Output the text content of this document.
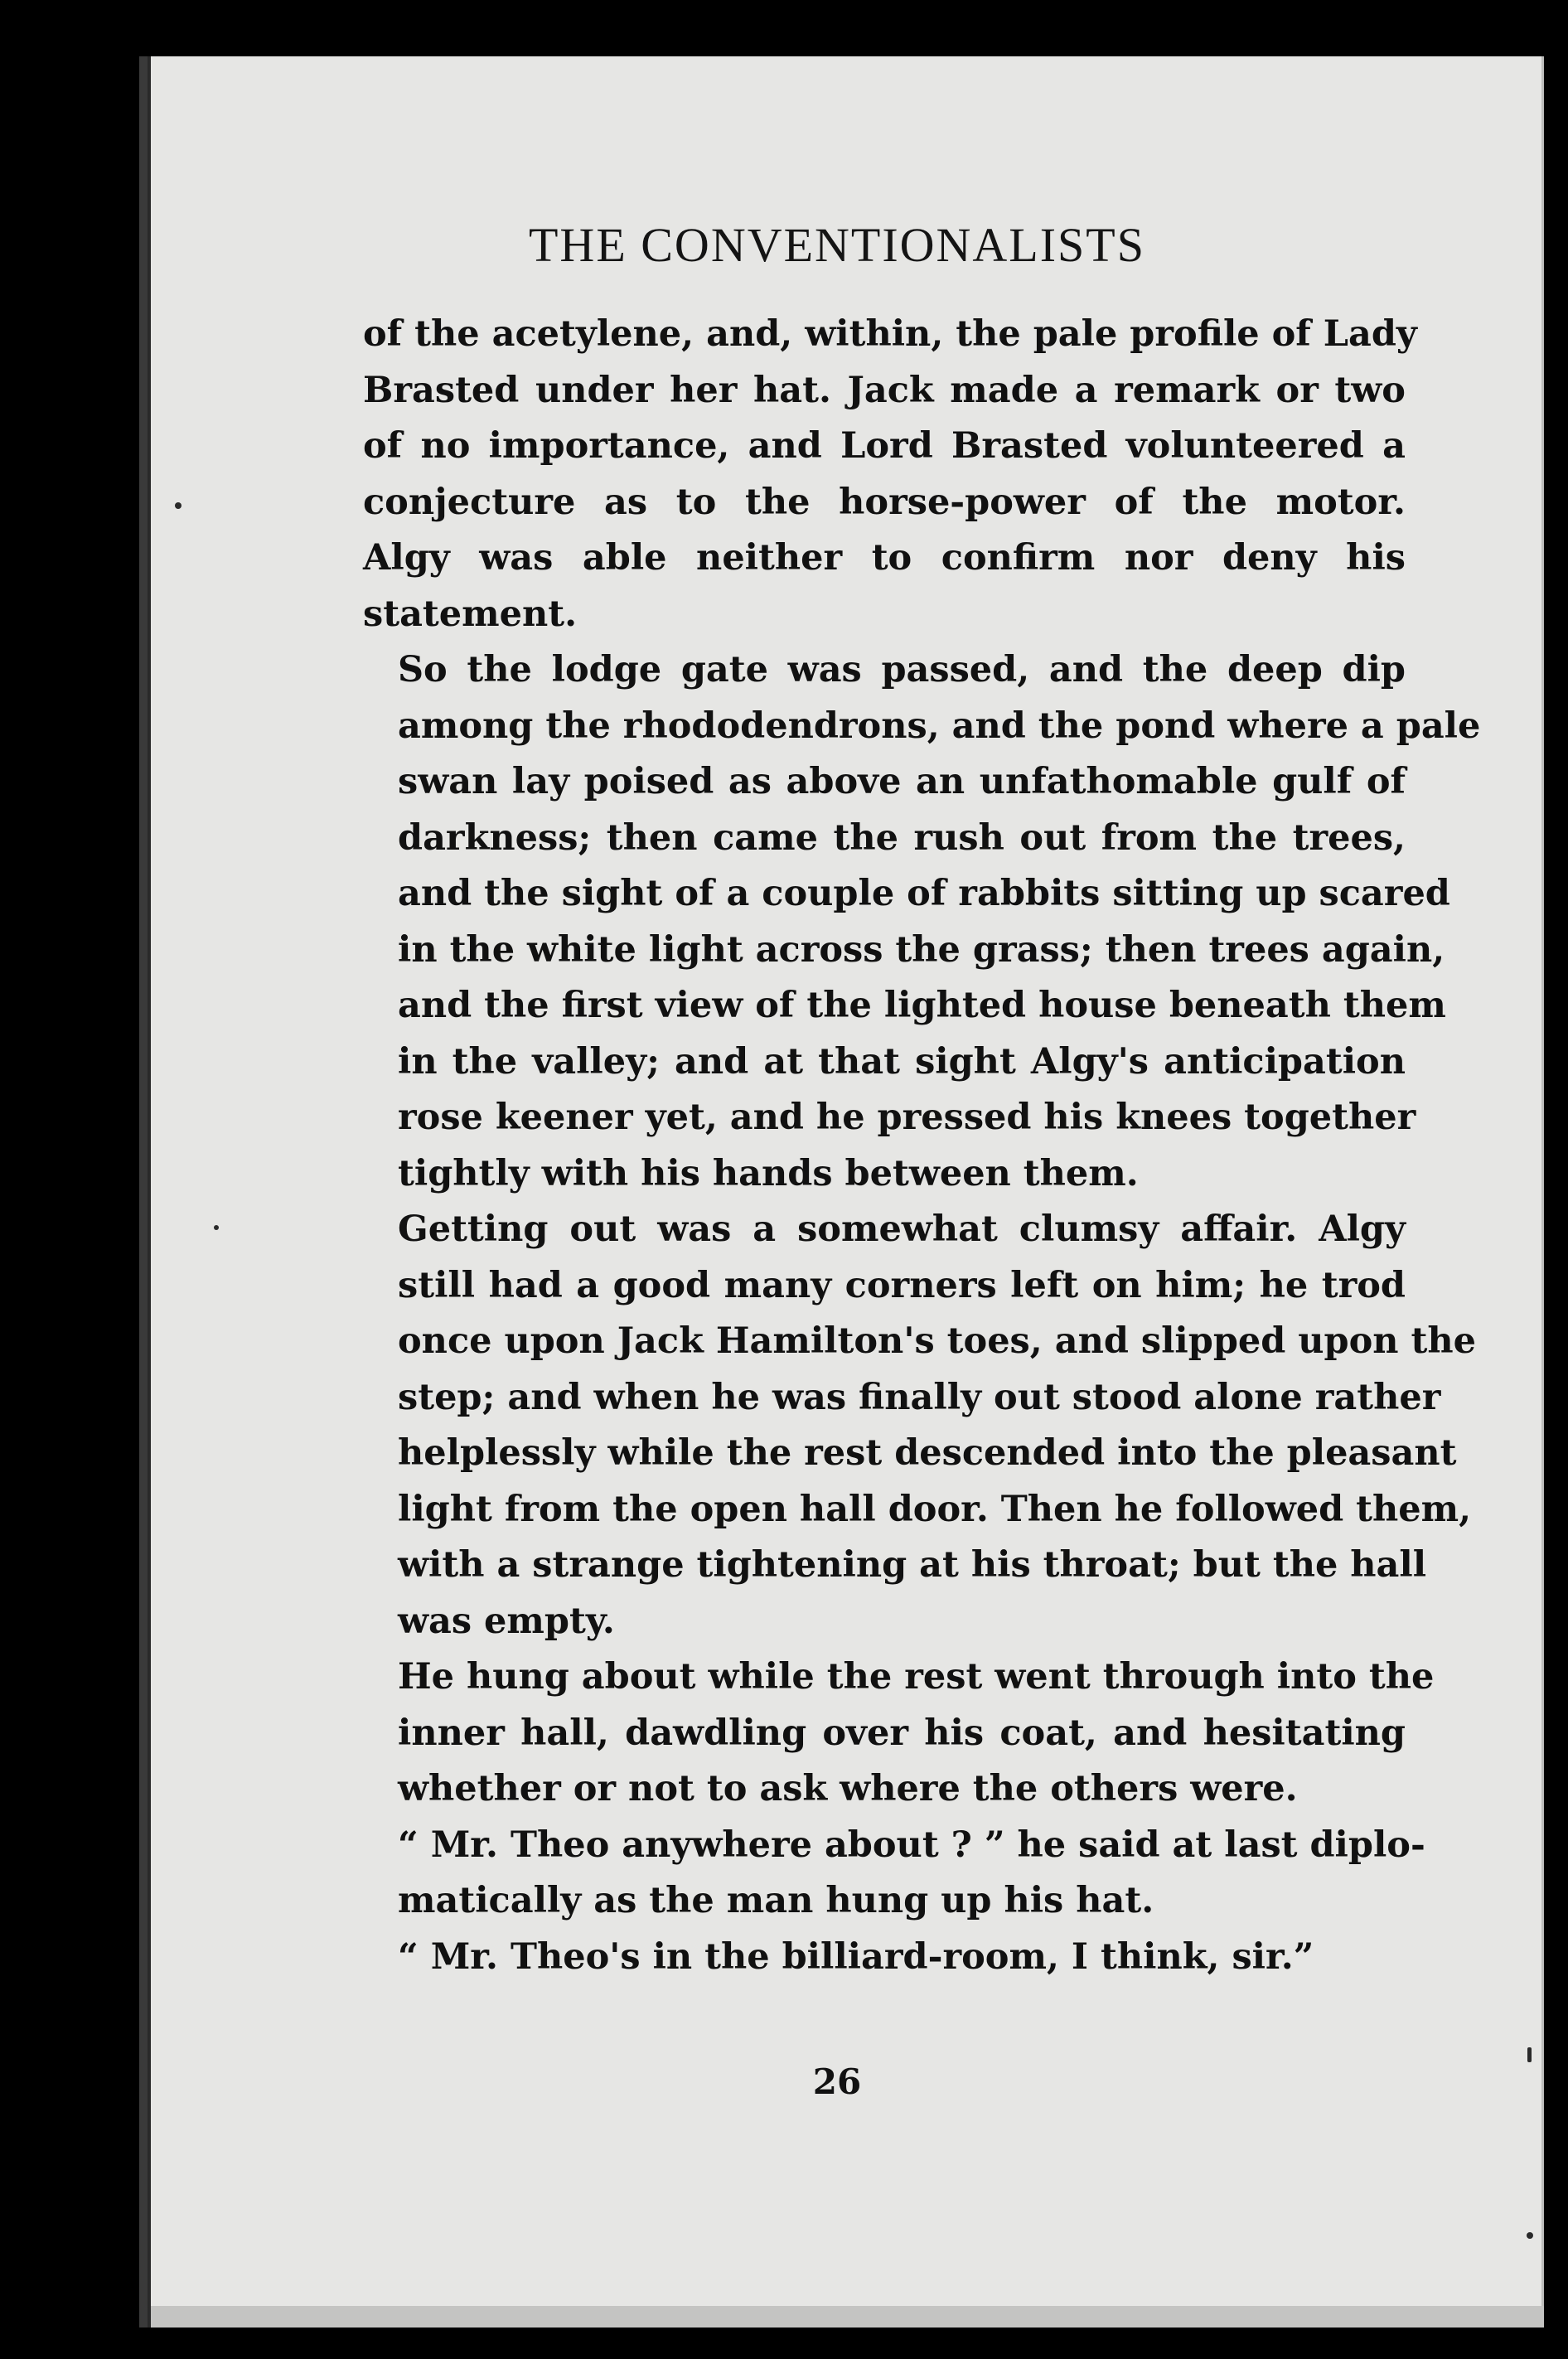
THE CONVENTIONALISTS

of the acetylene, and, within, the pale profile of Lady
Brasted under her hat. Jack made a remark or two
of no importance, and Lord Brasted volunteered a
conjecture as to the horse-power of the motor.
Algy was able neither to confirm nor deny his
statement.

So the lodge gate was passed, and the deep dip
among the rhododendrons, and the pond where a pale
swan lay poised as above an unfathomable gulf of
darkness; then came the rush out from the trees,
and the sight of a couple of rabbits sitting up scared
in the white light across the grass; then trees again,
and the first view of the lighted house beneath them
in the valley; and at that sight Algy's anticipation
rose keener yet, and he pressed his knees together
tightly with his hands between them.

Getting out was a somewhat clumsy affair. Algy
still had a good many corners left on him; he trod
once upon Jack Hamilton's toes, and slipped upon the
step; and when he was finally out stood alone rather
helplessly while the rest descended into the pleasant
light from the open hall door. Then he followed them,
with a strange tightening at his throat; but the hall
was empty.

He hung about while the rest went through into the
inner hall, dawdling over his coat, and hesitating
whether or not to ask where the others were.

“ Mr. Theo anywhere about ? ” he said at last diplo-
matically as the man hung up his hat.

“ Mr. Theo's in the billiard-room, I think, sir.”

26
